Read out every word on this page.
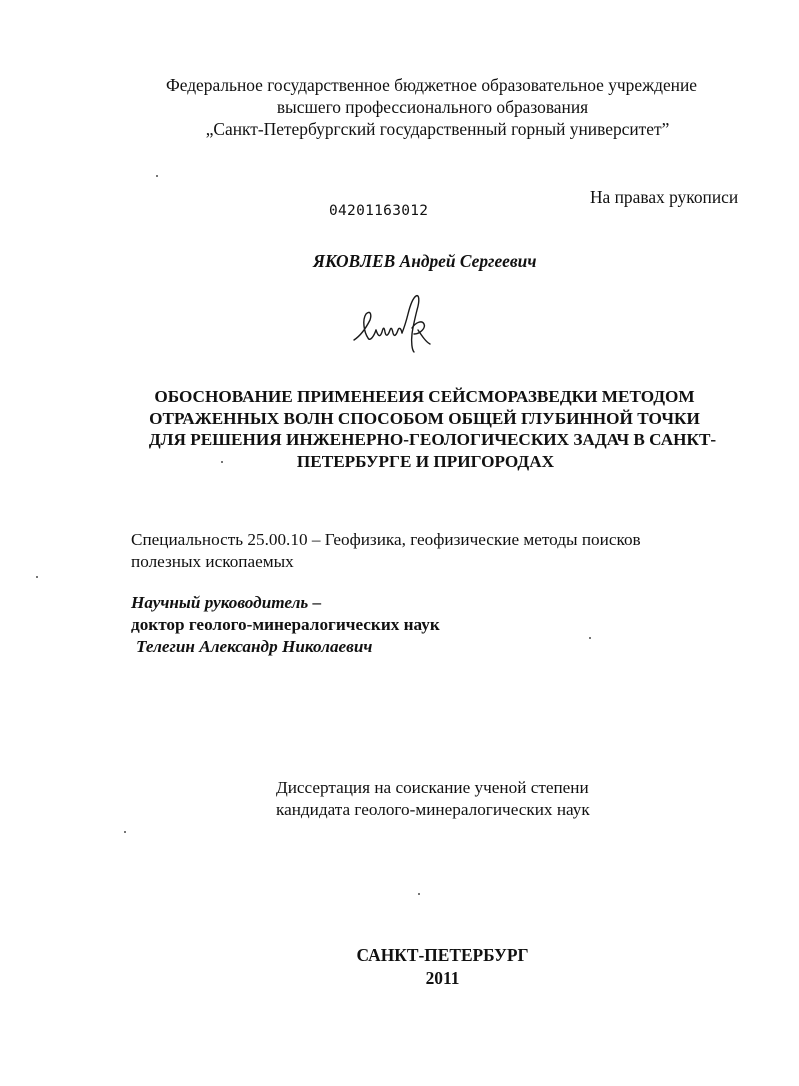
Федеральное государственное бюджетное образовательное учреждение
высшего профессионального образования
„Санкт-Петербургский государственный горный университет”
На правах рукописи
04201163012
ЯКОВЛЕВ Андрей Сергеевич
ОБОСНОВАНИЕ ПРИМЕНЕЕИЯ СЕЙСМОРАЗВЕДКИ МЕТОДОМ
ОТРАЖЕННЫХ ВОЛН СПОСОБОМ ОБЩЕЙ ГЛУБИННОЙ ТОЧКИ
ДЛЯ РЕШЕНИЯ ИНЖЕНЕРНО-ГЕОЛОГИЧЕСКИХ ЗАДАЧ В САНКТ-
ПЕТЕРБУРГЕ И ПРИГОРОДАХ
Специальность 25.00.10 – Геофизика, геофизические методы поисков
полезных ископаемых
Научный руководитель –
доктор геолого-минералогических наук
Телегин Александр Николаевич
Диссертация на соискание ученой степени
кандидата геолого-минералогических наук
САНКТ-ПЕТЕРБУРГ
2011
